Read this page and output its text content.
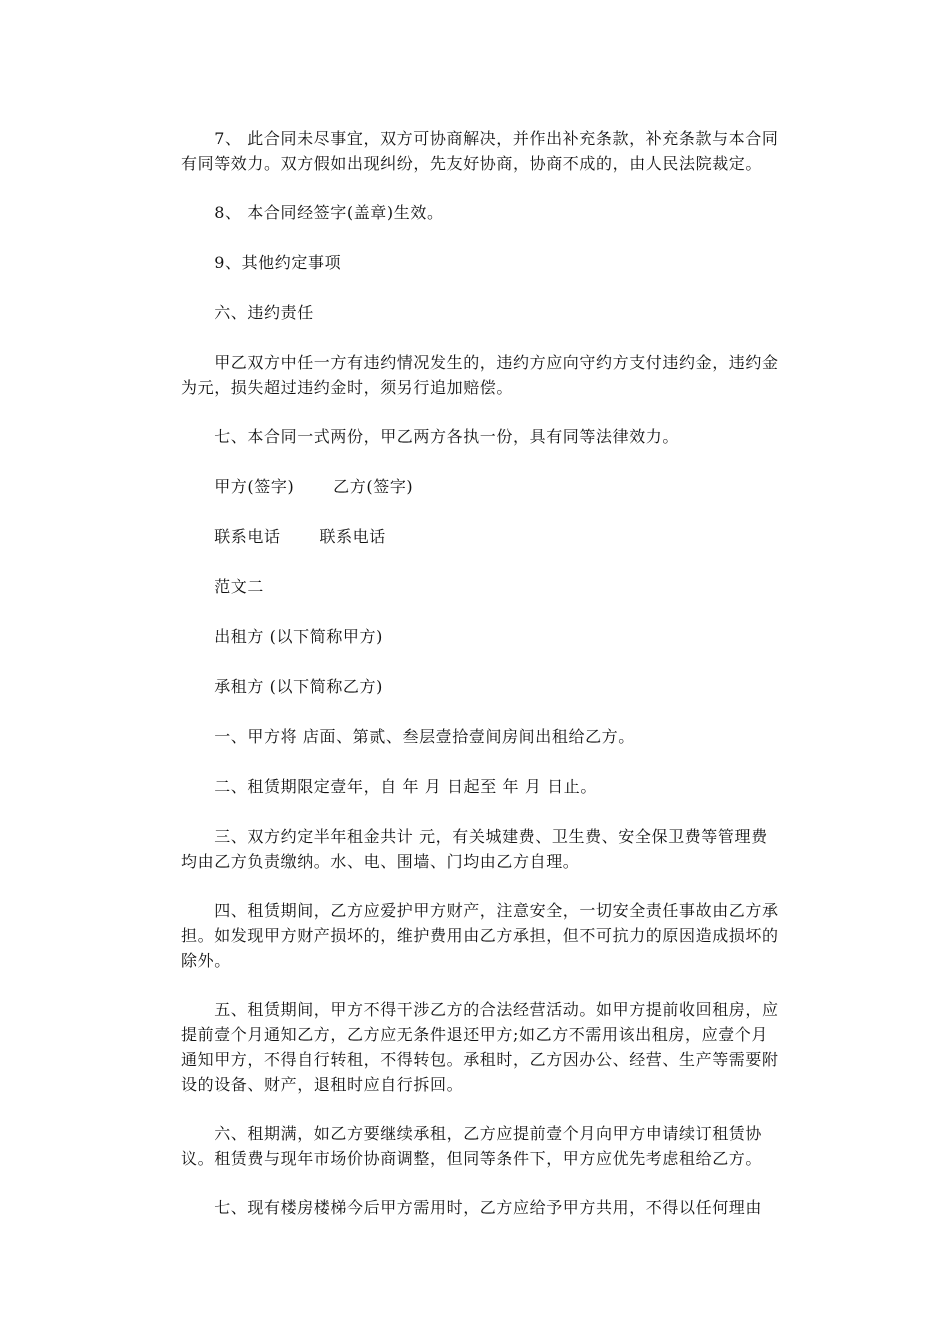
　　7、 此合同未尽事宜，双方可协商解决，并作出补充条款，补充条款与本合同有同等效力。双方假如出现纠纷，先友好协商，协商不成的，由人民法院裁定。

　　8、 本合同经签字(盖章)生效。

　　9、其他约定事项

　　六、违约责任

　　甲乙双方中任一方有违约情况发生的，违约方应向守约方支付违约金，违约金为元，损失超过违约金时，须另行追加赔偿。

　　七、本合同一式两份，甲乙两方各执一份，具有同等法律效力。

　　甲方(签字)　　 乙方(签字)

　　联系电话　　 联系电话

　　范文二

　　出租方 (以下简称甲方)

　　承租方 (以下简称乙方)

　　一、甲方将 店面、第贰、叁层壹拾壹间房间出租给乙方。

　　二、租赁期限定壹年，自 年 月 日起至 年 月 日止。

　　三、双方约定半年租金共计 元，有关城建费、卫生费、安全保卫费等管理费均由乙方负责缴纳。水、电、围墙、门均由乙方自理。

　　四、租赁期间，乙方应爱护甲方财产，注意安全，一切安全责任事故由乙方承担。如发现甲方财产损坏的，维护费用由乙方承担，但不可抗力的原因造成损坏的除外。

　　五、租赁期间，甲方不得干涉乙方的合法经营活动。如甲方提前收回租房，应提前壹个月通知乙方，乙方应无条件退还甲方;如乙方不需用该出租房，应壹个月通知甲方，不得自行转租，不得转包。承租时，乙方因办公、经营、生产等需要附设的设备、财产，退租时应自行拆回。

　　六、租期满，如乙方要继续承租，乙方应提前壹个月向甲方申请续订租赁协议。租赁费与现年市场价协商调整，但同等条件下，甲方应优先考虑租给乙方。

　　七、现有楼房楼梯今后甲方需用时，乙方应给予甲方共用，不得以任何理由
